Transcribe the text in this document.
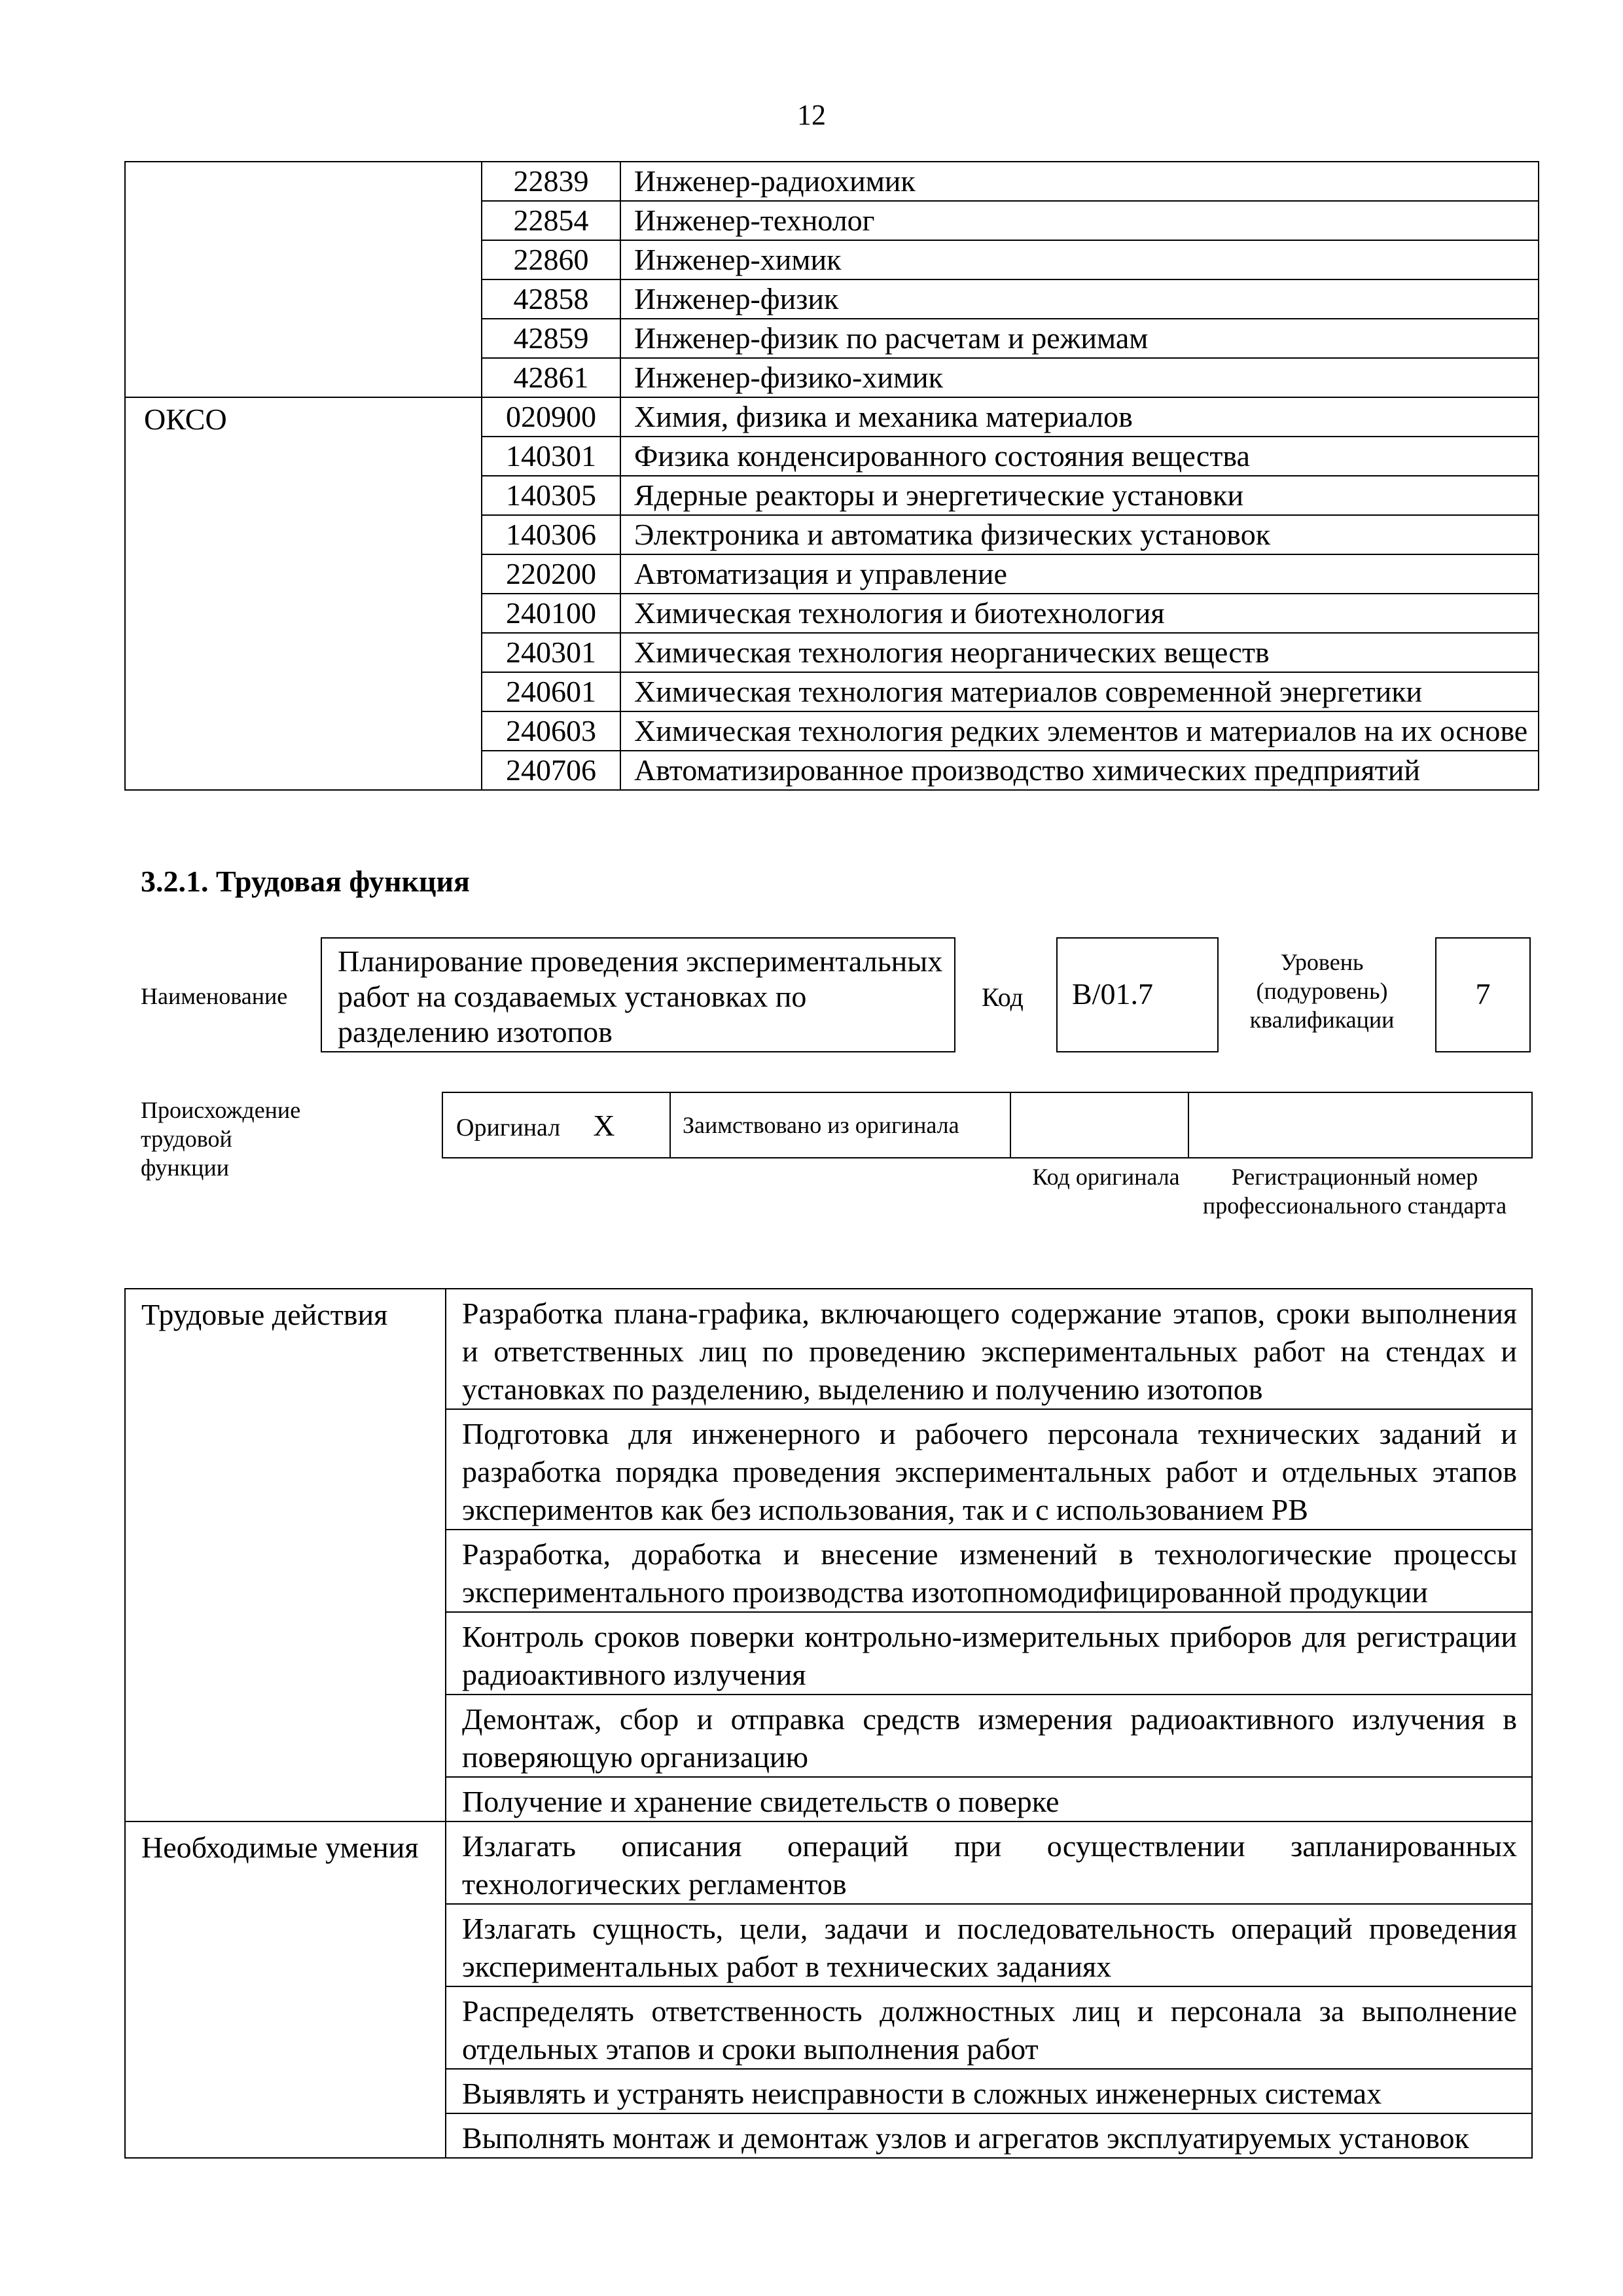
12
	22839	Инженер-радиохимик
	22854	Инженер-технолог
	22860	Инженер-химик
	42858	Инженер-физик
	42859	Инженер-физик по расчетам и режимам
	42861	Инженер-физико-химик
ОКСО	020900	Химия, физика и механика материалов
	140301	Физика конденсированного состояния вещества
	140305	Ядерные реакторы и энергетические установки
	140306	Электроника и автоматика физических установок
	220200	Автоматизация и управление
	240100	Химическая технология и биотехнология
	240301	Химическая технология неорганических веществ
	240601	Химическая технология материалов современной энергетики
	240603	Химическая технология редких элементов и материалов на их основе
	240706	Автоматизированное производство химических предприятий
3.2.1. Трудовая функция
Наименование
Планирование проведения экспериментальных работ на создаваемых установках по разделению изотопов
Код	B/01.7
Уровень (подуровень) квалификации
7
Происхождение трудовой функции
Оригинал X	Заимствовано из оригинала		
Код оригинала	Регистрационный номер профессионального стандарта
Трудовые действия	Разработка плана-графика, включающего содержание этапов, сроки выполнения и ответственных лиц по проведению экспериментальных работ на стендах и установках по разделению, выделению и получению изотопов
	Подготовка для инженерного и рабочего персонала технических заданий и разработка порядка проведения экспериментальных работ и отдельных этапов экспериментов как без использования, так и с использованием РВ
	Разработка, доработка и внесение изменений в технологические процессы экспериментального производства изотопномодифицированной продукции
	Контроль сроков поверки контрольно-измерительных приборов для регистрации радиоактивного излучения
	Демонтаж, сбор и отправка средств измерения радиоактивного излучения в поверяющую организацию
	Получение и хранение свидетельств о поверке
Необходимые умения	Излагать описания операций при осуществлении запланированных технологических регламентов
	Излагать сущность, цели, задачи и последовательность операций проведения экспериментальных работ в технических заданиях
	Распределять ответственность должностных лиц и персонала за выполнение отдельных этапов и сроки выполнения работ
	Выявлять и устранять неисправности в сложных инженерных системах
	Выполнять монтаж и демонтаж узлов и агрегатов эксплуатируемых установок
